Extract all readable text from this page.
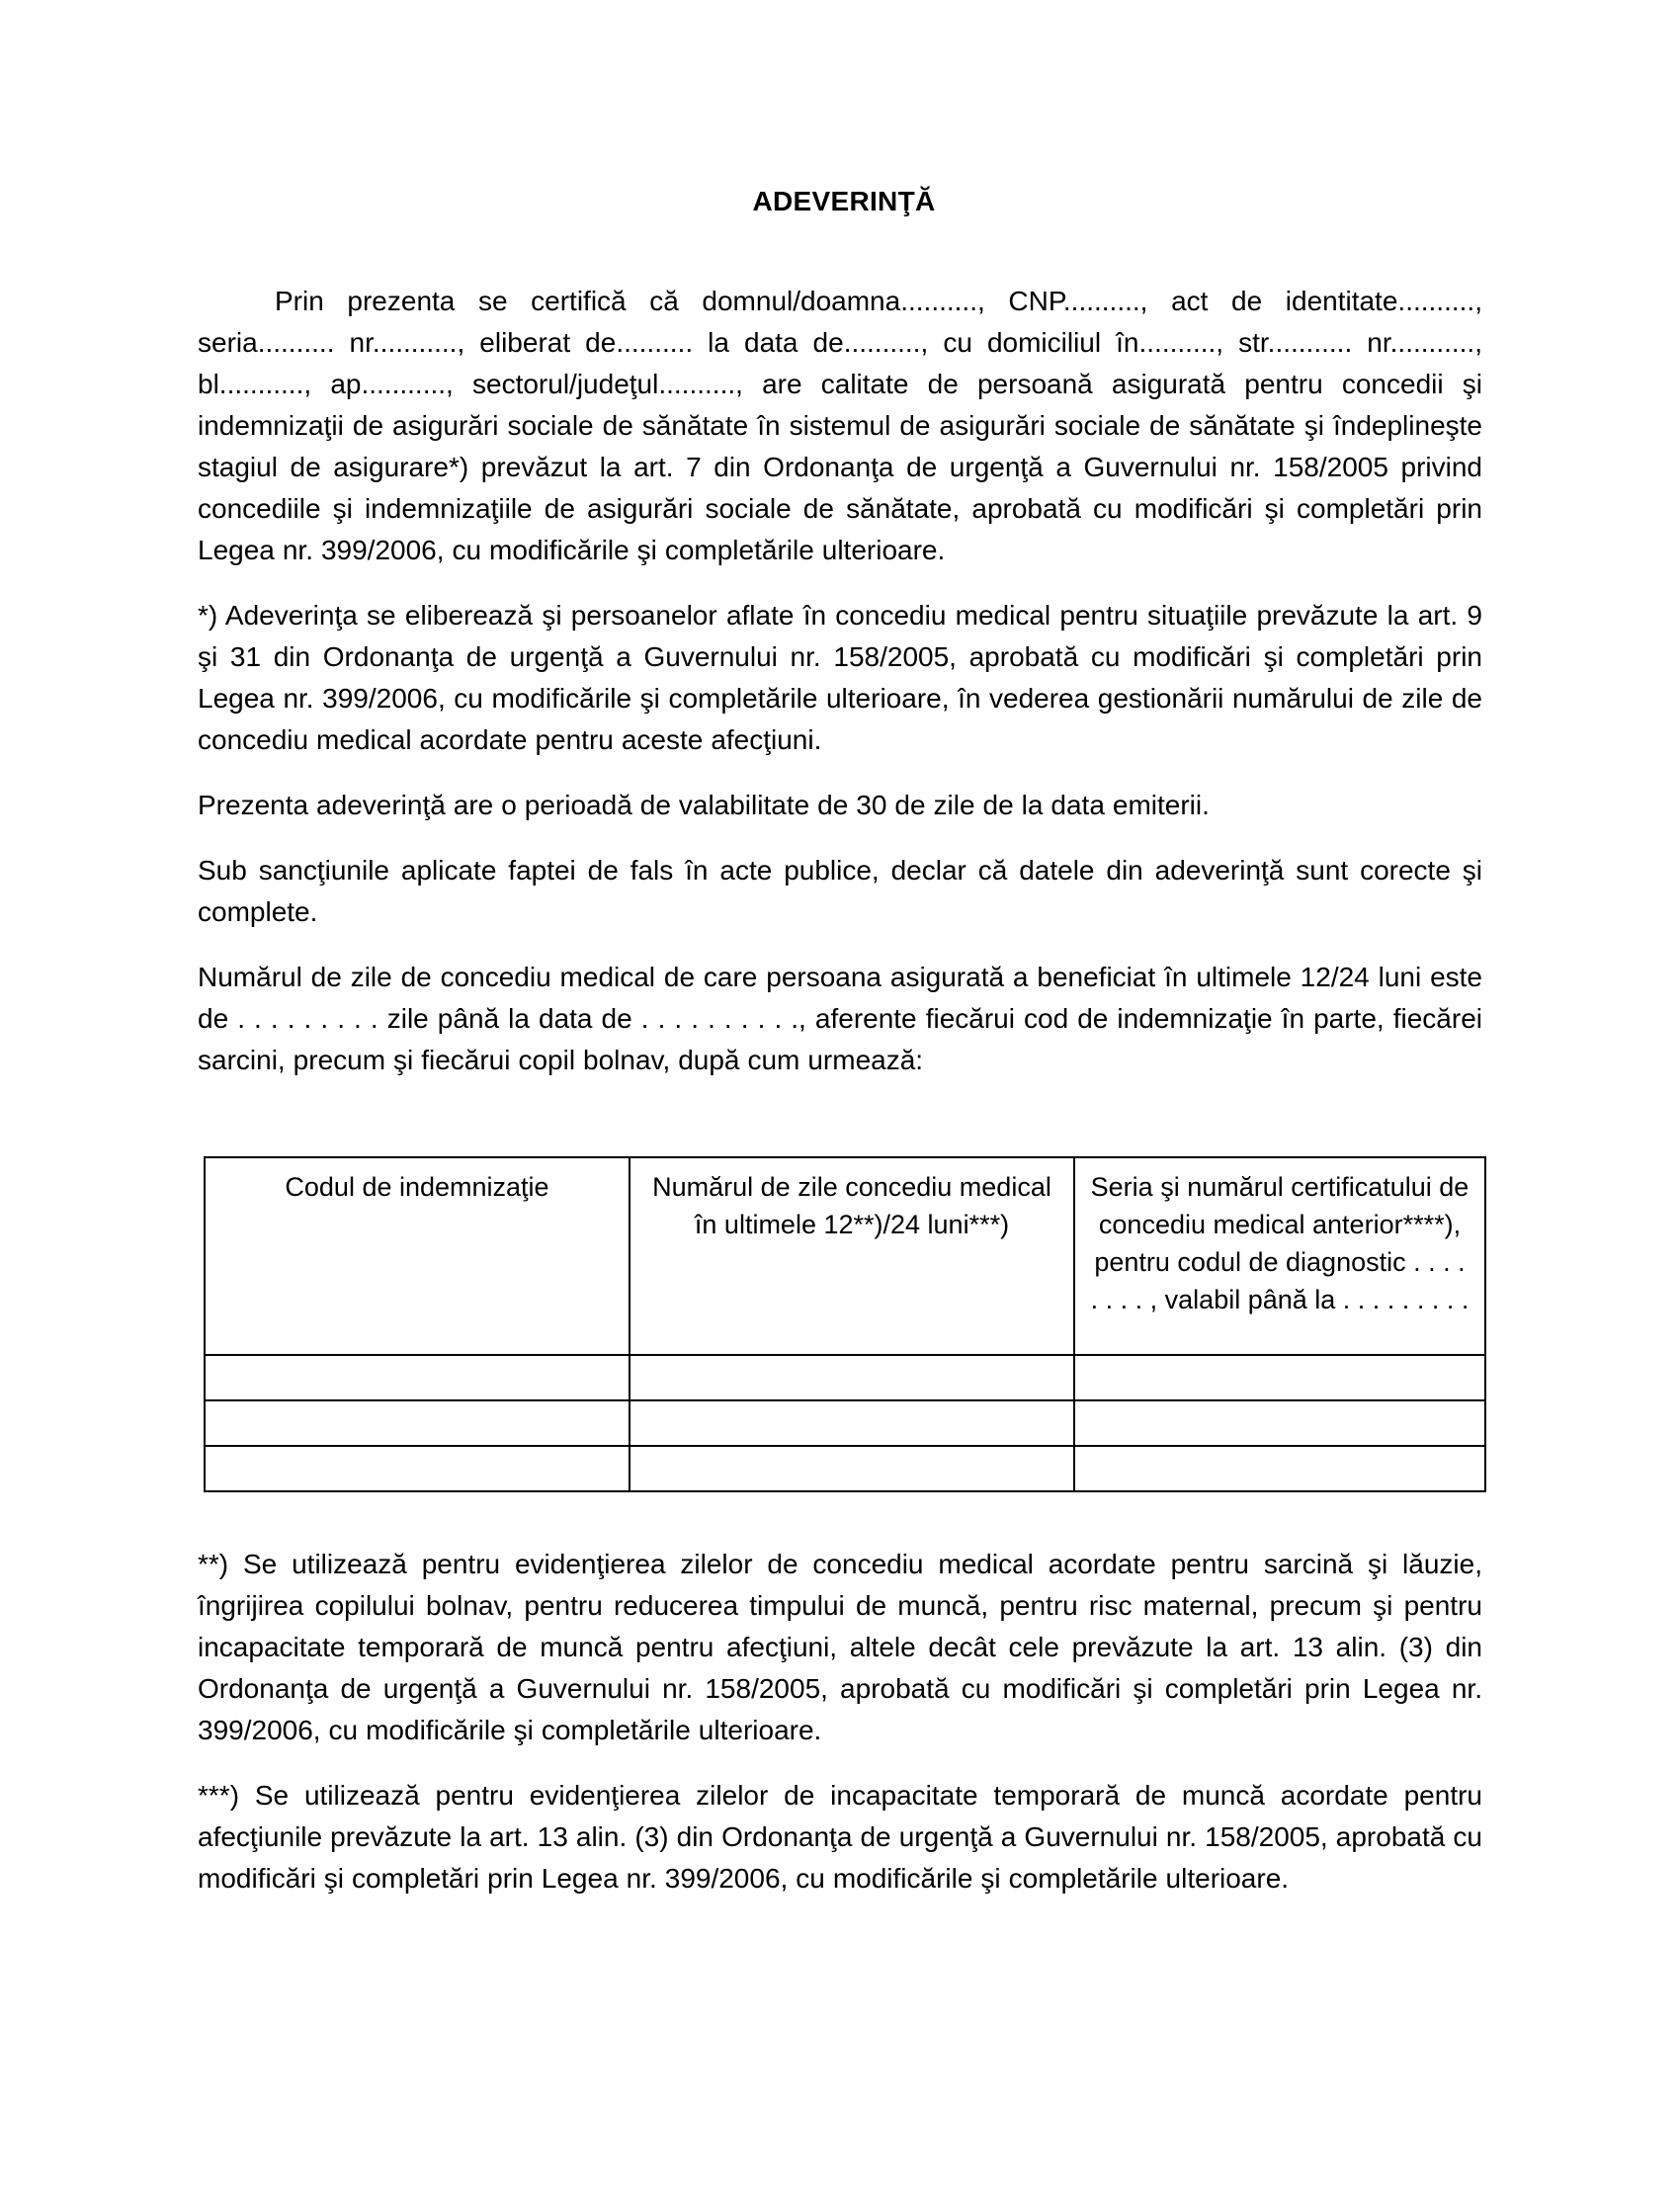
ADEVERINŢĂ

Prin prezenta se certifică că domnul/doamna.........., CNP.........., act de identitate.........., seria.......... nr..........., eliberat de.......... la data de.........., cu domiciliul în.........., str........... nr..........., bl..........., ap..........., sectorul/judeţul.........., are calitate de persoană asigurată pentru concedii şi indemnizaţii de asigurări sociale de sănătate în sistemul de asigurări sociale de sănătate şi îndeplineşte stagiul de asigurare*) prevăzut la art. 7 din Ordonanţa de urgenţă a Guvernului nr. 158/2005 privind concediile şi indemnizaţiile de asigurări sociale de sănătate, aprobată cu modificări şi completări prin Legea nr. 399/2006, cu modificările şi completările ulterioare.

*) Adeverinţa se eliberează şi persoanelor aflate în concediu medical pentru situaţiile prevăzute la art. 9 şi 31 din Ordonanţa de urgenţă a Guvernului nr. 158/2005, aprobată cu modificări şi completări prin Legea nr. 399/2006, cu modificările şi completările ulterioare, în vederea gestionării numărului de zile de concediu medical acordate pentru aceste afecţiuni.

Prezenta adeverinţă are o perioadă de valabilitate de 30 de zile de la data emiterii.

Sub sancţiunile aplicate faptei de fals în acte publice, declar că datele din adeverinţă sunt corecte şi complete.

Numărul de zile de concediu medical de care persoana asigurată a beneficiat în ultimele 12/24 luni este de . . . . . . . . . zile până la data de . . . . . . . . . ., aferente fiecărui cod de indemnizaţie în parte, fiecărei sarcini, precum şi fiecărui copil bolnav, după cum urmează:

Codul de indemnizaţie	Numărul de zile concediu medical în ultimele 12**)/24 luni***)	Seria şi numărul certificatului de concediu medical anterior****), pentru codul de diagnostic . . . . . . . . , valabil până la . . . . . . . . .

**) Se utilizează pentru evidenţierea zilelor de concediu medical acordate pentru sarcină şi lăuzie, îngrijirea copilului bolnav, pentru reducerea timpului de muncă, pentru risc maternal, precum şi pentru incapacitate temporară de muncă pentru afecţiuni, altele decât cele prevăzute la art. 13 alin. (3) din Ordonanţa de urgenţă a Guvernului nr. 158/2005, aprobată cu modificări şi completări prin Legea nr. 399/2006, cu modificările şi completările ulterioare.

***) Se utilizează pentru evidenţierea zilelor de incapacitate temporară de muncă acordate pentru afecţiunile prevăzute la art. 13 alin. (3) din Ordonanţa de urgenţă a Guvernului nr. 158/2005, aprobată cu modificări şi completări prin Legea nr. 399/2006, cu modificările şi completările ulterioare.
